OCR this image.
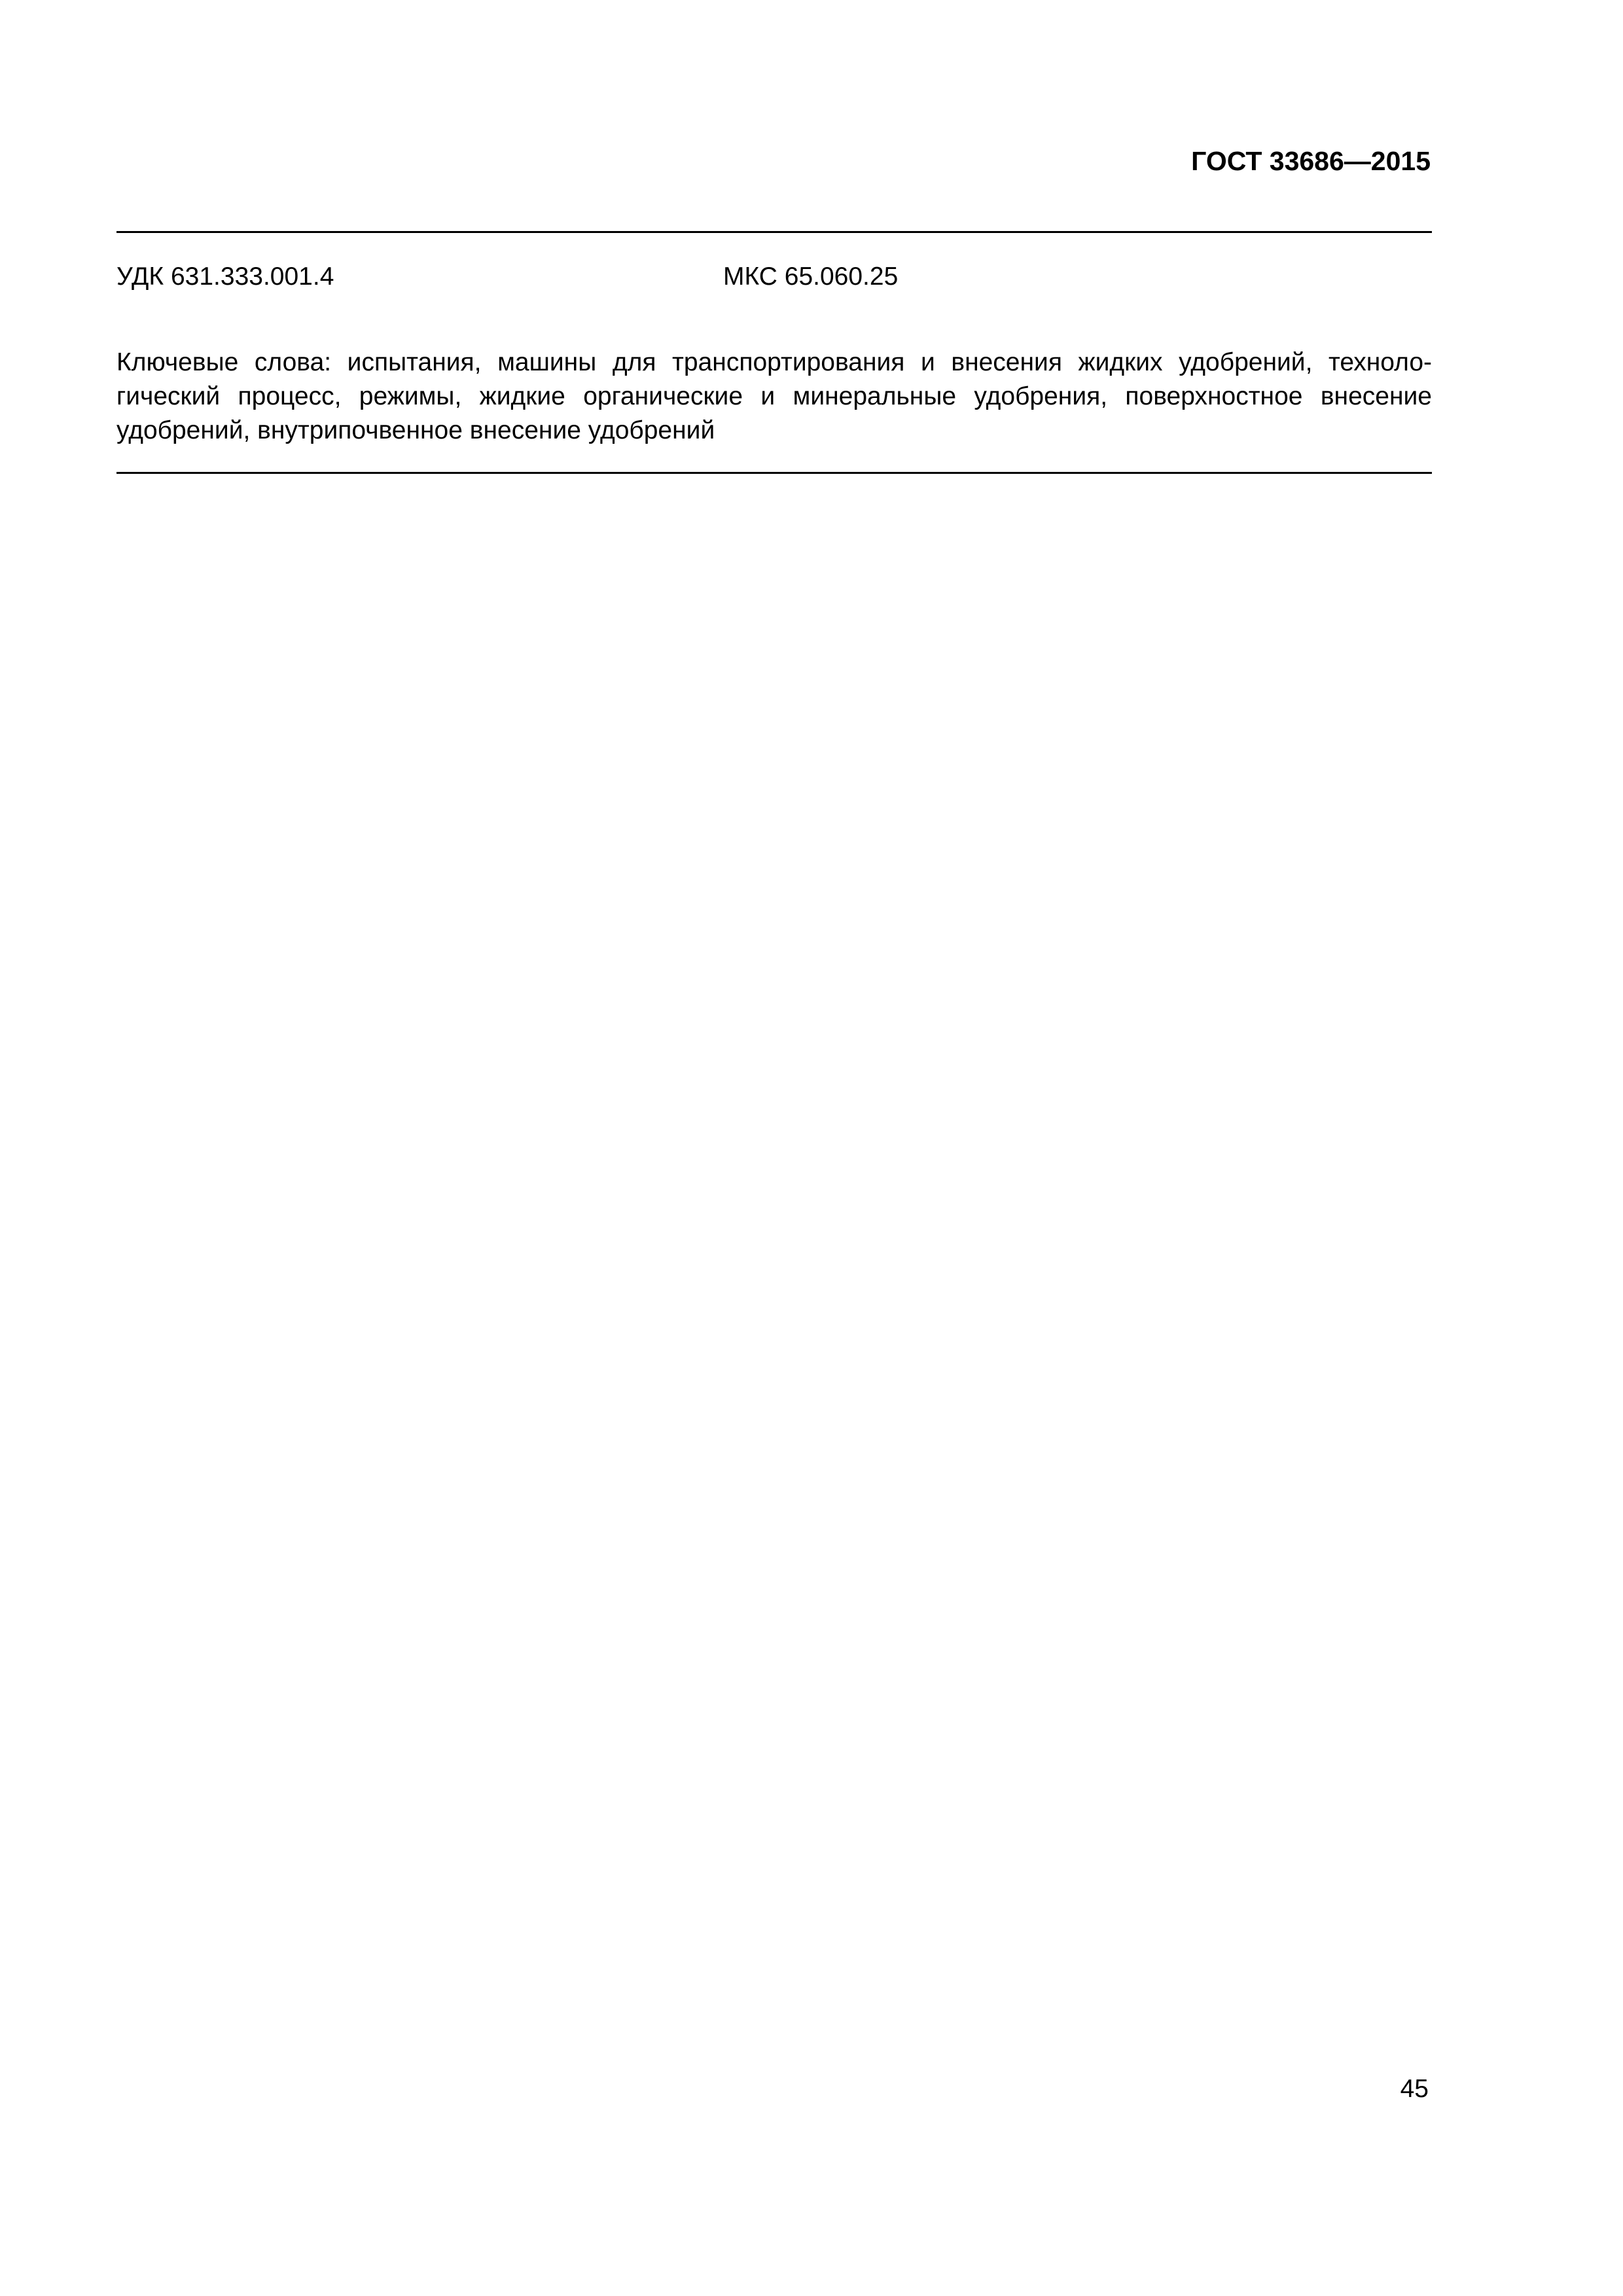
ГОСТ 33686—2015
УДК 631.333.001.4	МКС 65.060.25

Ключевые слова: испытания, машины для транспортирования и внесения жидких удобрений, техноло-
гический процесс, режимы, жидкие органические и минеральные удобрения, поверхностное внесение
удобрений, внутрипочвенное внесение удобрений

45
